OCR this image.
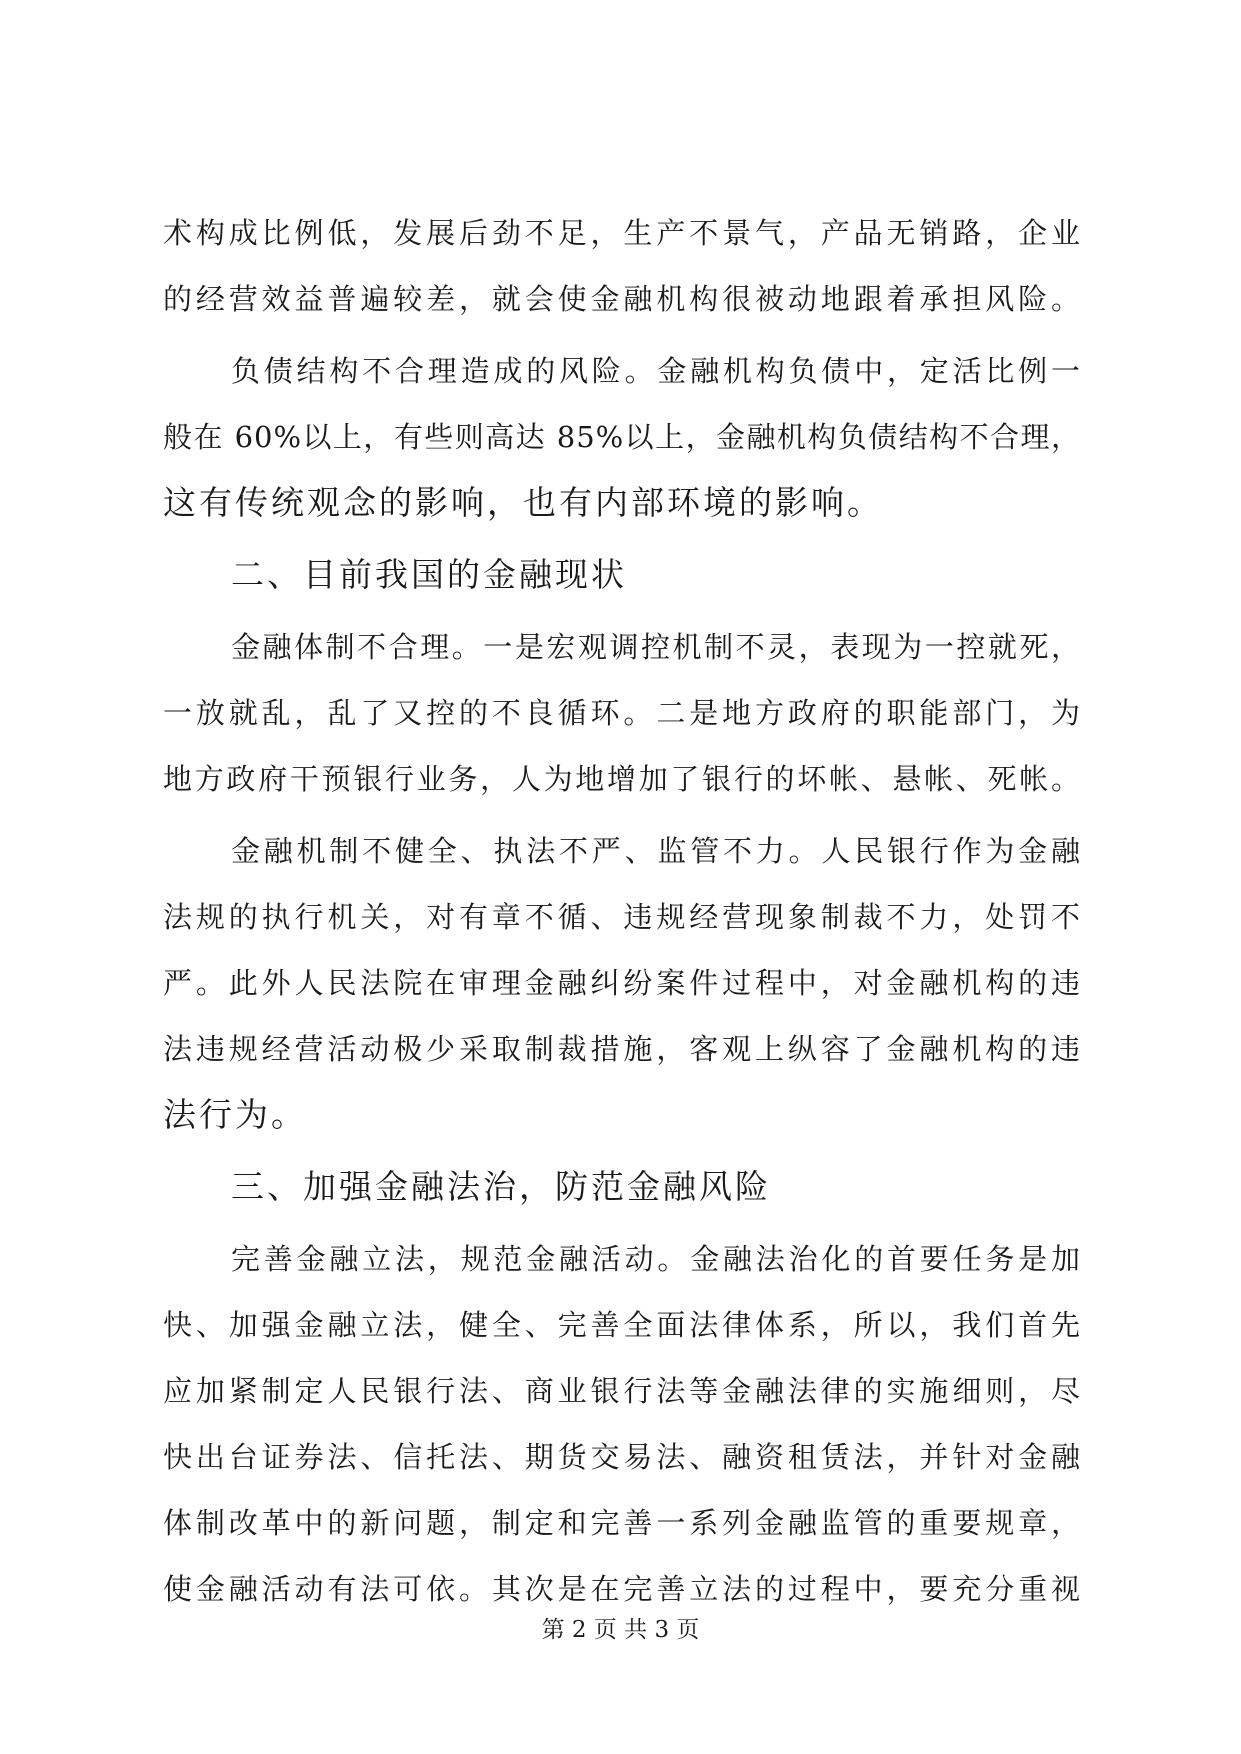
术构成比例低，发展后劲不足，生产不景气，产品无销路，企业
的经营效益普遍较差，就会使金融机构很被动地跟着承担风险。
负债结构不合理造成的风险。金融机构负债中，定活比例一
般在 60%以上，有些则高达 85%以上，金融机构负债结构不合理，
这有传统观念的影响，也有内部环境的影响。
二、目前我国的金融现状
金融体制不合理。一是宏观调控机制不灵，表现为一控就死，
一放就乱，乱了又控的不良循环。二是地方政府的职能部门，为
地方政府干预银行业务，人为地增加了银行的坏帐、悬帐、死帐。
金融机制不健全、执法不严、监管不力。人民银行作为金融
法规的执行机关，对有章不循、违规经营现象制裁不力，处罚不
严。此外人民法院在审理金融纠纷案件过程中，对金融机构的违
法违规经营活动极少采取制裁措施，客观上纵容了金融机构的违
法行为。
三、加强金融法治，防范金融风险
完善金融立法，规范金融活动。金融法治化的首要任务是加
快、加强金融立法，健全、完善全面法律体系，所以，我们首先
应加紧制定人民银行法、商业银行法等金融法律的实施细则，尽
快出台证券法、信托法、期货交易法、融资租赁法，并针对金融
体制改革中的新问题，制定和完善一系列金融监管的重要规章，
使金融活动有法可依。其次是在完善立法的过程中，要充分重视
第 2 页 共 3 页
